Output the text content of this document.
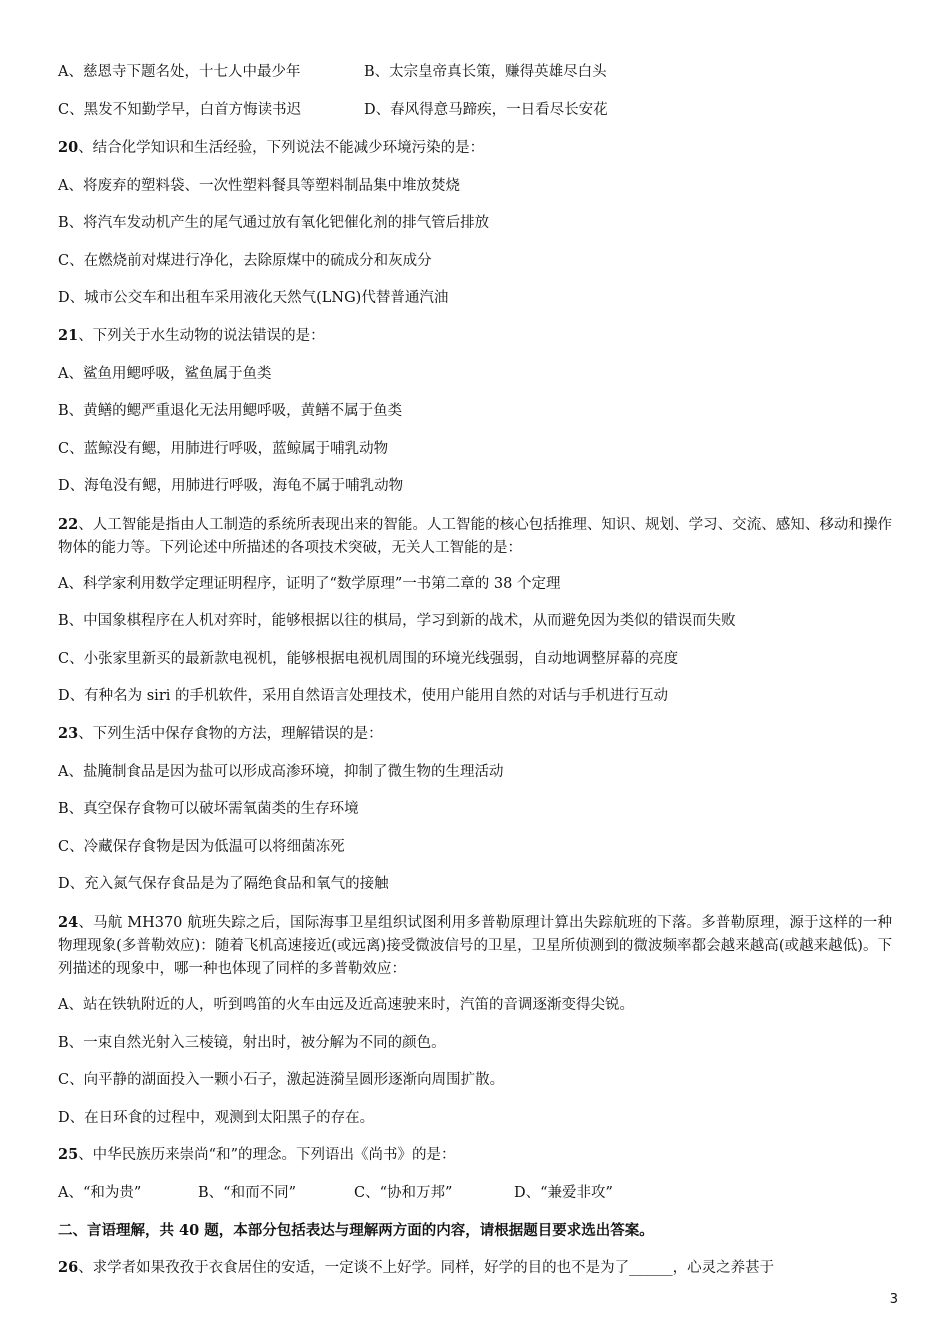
A、慈恩寺下题名处，十七人中最少年	B、太宗皇帝真长策，赚得英雄尽白头
C、黑发不知勤学早，白首方悔读书迟	D、春风得意马蹄疾，一日看尽长安花
20、结合化学知识和生活经验，下列说法不能减少环境污染的是：
A、将废弃的塑料袋、一次性塑料餐具等塑料制品集中堆放焚烧
B、将汽车发动机产生的尾气通过放有氧化钯催化剂的排气管后排放
C、在燃烧前对煤进行净化，去除原煤中的硫成分和灰成分
D、城市公交车和出租车采用液化天然气(LNG)代替普通汽油
21、下列关于水生动物的说法错误的是：
A、鲨鱼用鳃呼吸，鲨鱼属于鱼类
B、黄鳝的鳃严重退化无法用鳃呼吸，黄鳝不属于鱼类
C、蓝鲸没有鳃，用肺进行呼吸，蓝鲸属于哺乳动物
D、海龟没有鳃，用肺进行呼吸，海龟不属于哺乳动物
22、人工智能是指由人工制造的系统所表现出来的智能。人工智能的核心包括推理、知识、规划、学习、交流、感知、移动和操作物体的能力等。下列论述中所描述的各项技术突破，无关人工智能的是：
A、科学家利用数学定理证明程序，证明了“数学原理”一书第二章的 38 个定理
B、中国象棋程序在人机对弈时，能够根据以往的棋局，学习到新的战术，从而避免因为类似的错误而失败
C、小张家里新买的最新款电视机，能够根据电视机周围的环境光线强弱，自动地调整屏幕的亮度
D、有种名为 siri 的手机软件，采用自然语言处理技术，使用户能用自然的对话与手机进行互动
23、下列生活中保存食物的方法，理解错误的是：
A、盐腌制食品是因为盐可以形成高渗环境，抑制了微生物的生理活动
B、真空保存食物可以破坏需氧菌类的生存环境
C、冷藏保存食物是因为低温可以将细菌冻死
D、充入氮气保存食品是为了隔绝食品和氧气的接触
24、马航 MH370 航班失踪之后，国际海事卫星组织试图利用多普勒原理计算出失踪航班的下落。多普勒原理，源于这样的一种物理现象(多普勒效应)：随着飞机高速接近(或远离)接受微波信号的卫星，卫星所侦测到的微波频率都会越来越高(或越来越低)。下列描述的现象中，哪一种也体现了同样的多普勒效应：
A、站在铁轨附近的人，听到鸣笛的火车由远及近高速驶来时，汽笛的音调逐渐变得尖锐。
B、一束自然光射入三棱镜，射出时，被分解为不同的颜色。
C、向平静的湖面投入一颗小石子，激起涟漪呈圆形逐渐向周围扩散。
D、在日环食的过程中，观测到太阳黑子的存在。
25、中华民族历来崇尚“和”的理念。下列语出《尚书》的是：
A、“和为贵”	B、“和而不同”	C、“协和万邦”	D、“兼爱非攻”
二、言语理解，共 40 题，本部分包括表达与理解两方面的内容，请根据题目要求选出答案。
26、求学者如果孜孜于衣食居住的安适，一定谈不上好学。同样，好学的目的也不是为了______，心灵之养甚于
3
